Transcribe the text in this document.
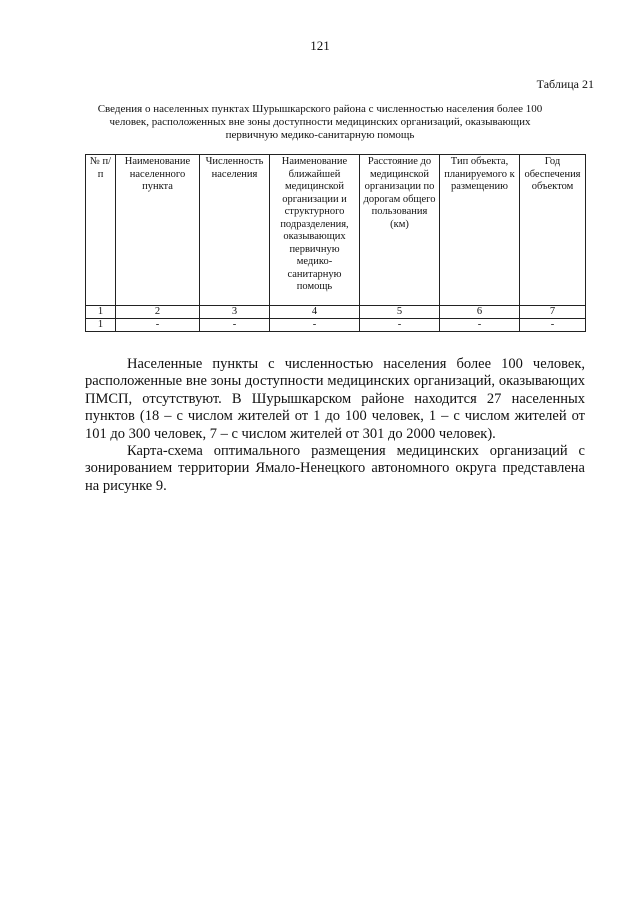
121
Таблица 21
Сведения о населенных пунктах Шурышкарского района с численностью населения более 100 человек, расположенных вне зоны доступности медицинских организаций, оказывающих первичную медико-санитарную помощь
№ п/п	Наименование населенного пункта	Численность населения	Наименование ближайшей медицинской организации и структурного подразделения, оказывающих первичную медико-санитарную помощь	Расстояние до медицинской организации по дорогам общего пользования (км)	Тип объекта, планируемого к размещению	Год обеспечения объектом
1	2	3	4	5	6	7
1	-	-	-	-	-	-

Населенные пункты с численностью населения более 100 человек, расположенные вне зоны доступности медицинских организаций, оказывающих ПМСП, отсутствуют. В Шурышкарском районе находится 27 населенных пунктов (18 – с числом жителей от 1 до 100 человек, 1 – с числом жителей от 101 до 300 человек, 7 – с числом жителей от 301 до 2000 человек).

Карта-схема оптимального размещения медицинских организаций с зонированием территории Ямало-Ненецкого автономного округа представлена на рисунке 9.
